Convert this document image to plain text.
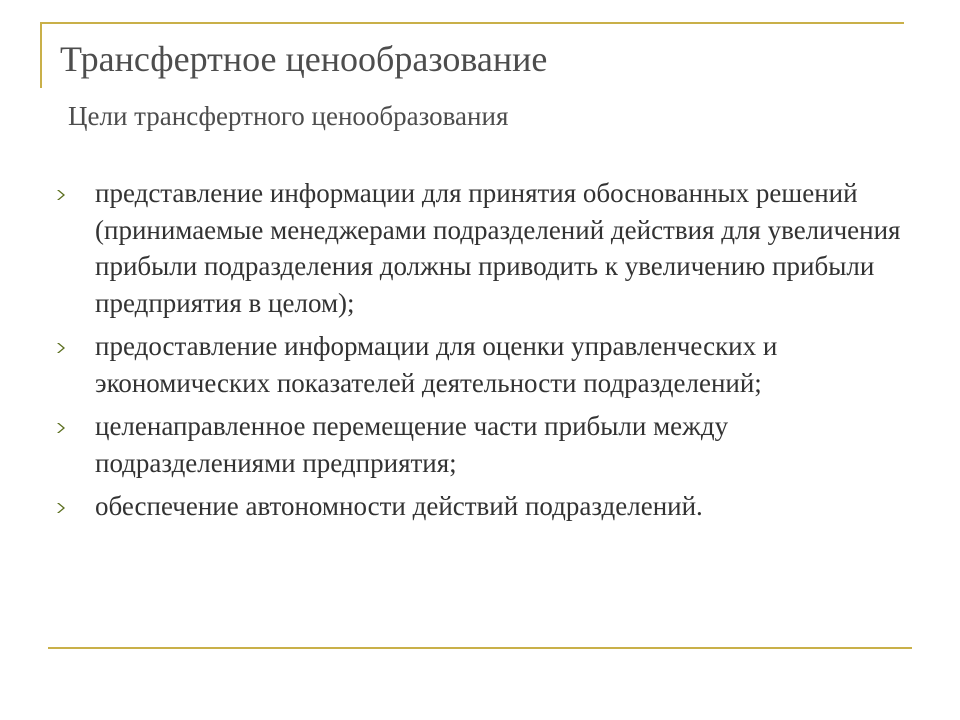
Трансфертное ценообразование
Цели трансфертного ценообразования
представление информации для принятия обоснованных решений (принимаемые менеджерами подразделений действия для увеличения прибыли подразделения должны приводить к увеличению прибыли предприятия в целом);
предоставление информации для оценки управленческих и экономических показателей деятельности подразделений;
целенаправленное перемещение части прибыли между подразделениями предприятия;
обеспечение автономности действий подразделений.
